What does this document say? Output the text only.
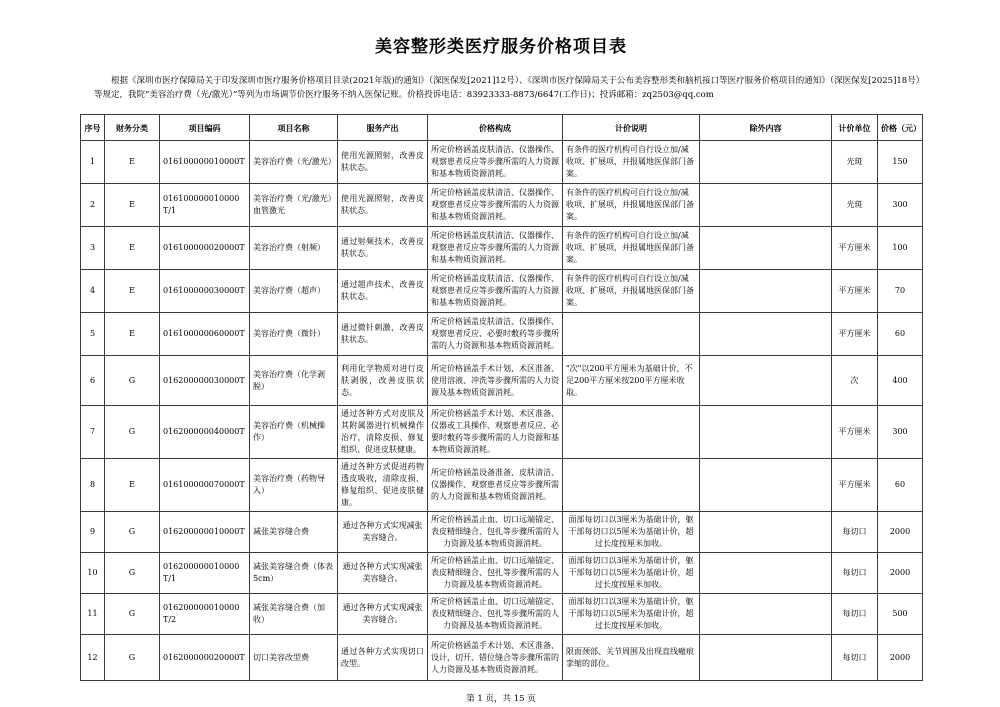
美容整形类医疗服务价格项目表

根据《深圳市医疗保障局关于印发深圳市医疗服务价格项目目录(2021年版)的通知》（深医保发[2021]12号）、《深圳市医疗保障局关于公布美容整形类和脑机接口等医疗服务价格项目的通知》（深医保发[2025]18号）等规定，我院“美容治疗费（光/激光）”等列为市场调节价医疗服务不纳入医保记账。价格投诉电话：83923333-8873/6647(工作日)；投诉邮箱：zq2503@qq.com

序号	财务分类	项目编码	项目名称	服务产出	价格构成	计价说明	除外内容	计价单位	价格（元）
1	E	016100000010000T	美容治疗费（光/激光）	使用光源照射，改善皮肤状态。	所定价格涵盖皮肤清洁、仪器操作、观察患者反应等步骤所需的人力资源和基本物质资源消耗。	有条件的医疗机构可自行设立加/减收项、扩展项，并报属地医保部门备案。		光斑	150
2	E	016100000010000T/1	美容治疗费（光/激光）血管激光	使用光源照射，改善皮肤状态。	所定价格涵盖皮肤清洁、仪器操作、观察患者反应等步骤所需的人力资源和基本物质资源消耗。	有条件的医疗机构可自行设立加/减收项、扩展项，并报属地医保部门备案。		光斑	300
3	E	016100000020000T	美容治疗费（射频）	通过射频技术，改善皮肤状态。	所定价格涵盖皮肤清洁、仪器操作、观察患者反应等步骤所需的人力资源和基本物质资源消耗。	有条件的医疗机构可自行设立加/减收项、扩展项，并报属地医保部门备案。		平方厘米	100
4	E	016100000030000T	美容治疗费（超声）	通过超声技术，改善皮肤状态。	所定价格涵盖皮肤清洁、仪器操作、观察患者反应等步骤所需的人力资源和基本物质资源消耗。	有条件的医疗机构可自行设立加/减收项、扩展项，并报属地医保部门备案。		平方厘米	70
5	E	016100000060000T	美容治疗费（微针）	通过微针刺激，改善皮肤状态。	所定价格涵盖皮肤清洁、仪器操作、观察患者反应、必要时敷药等步骤所需的人力资源和基本物质资源消耗。			平方厘米	60
6	G	016200000030000T	美容治疗费（化学剥脱）	利用化学物质对进行皮肤剥脱，改善皮肤状态。	所定价格涵盖手术计划、术区准备、使用溶液、冲洗等步骤所需的人力资源及基本物质资源消耗。	"次"以200平方厘米为基础计价，不足200平方厘米按200平方厘米收取。		次	400
7	G	016200000040000T	美容治疗费（机械操作）	通过各种方式对皮肤及其附属器进行机械操作治疗，清除皮损、修复组织、促进皮肤健康。	所定价格涵盖手术计划、术区准备、仪器或工具操作、观察患者反应、必要时敷药等步骤所需的人力资源和基本物质资源消耗。			平方厘米	300
8	E	016100000070000T	美容治疗费（药物导入）	通过各种方式促进药物透皮吸收，清除皮损、修复组织、促进皮肤健康。	所定价格涵盖设备准备、皮肤清洁、仪器操作、观察患者反应等步骤所需的人力资源和基本物质资源消耗。			平方厘米	60
9	G	016200000010000T	减张美容缝合费	通过各种方式实现减张美容缝合。	所定价格涵盖止血、切口远端锚定、表皮精细缝合、包扎等步骤所需的人力资源及基本物质资源消耗。	面部每切口以3厘米为基础计价，躯干部每切口以5厘米为基础计价，超过长度按厘米加收。		每切口	2000
10	G	016200000010000T/1	减张美容缝合费（体表5cm）	通过各种方式实现减张美容缝合。	所定价格涵盖止血、切口远端锚定、表皮精细缝合、包扎等步骤所需的人力资源及基本物质资源消耗。	面部每切口以3厘米为基础计价，躯干部每切口以5厘米为基础计价，超过长度按厘米加收。		每切口	2000
11	G	016200000010000T/2	减张美容缝合费（加收）	通过各种方式实现减张美容缝合。	所定价格涵盖止血、切口远端锚定、表皮精细缝合、包扎等步骤所需的人力资源及基本物质资源消耗。	面部每切口以3厘米为基础计价，躯干部每切口以5厘米为基础计价，超过长度按厘米加收。		每切口	500
12	G	016200000020000T	切口美容改型费	通过各种方式实现切口改型。	所定价格涵盖手术计划、术区准备、设计，切开、错位缝合等步骤所需的人力资源及基本物质资源消耗。	限面颈部、关节周围及出现直线瘢痕挛缩的部位。		每切口	2000
第 1 页，共 15 页
